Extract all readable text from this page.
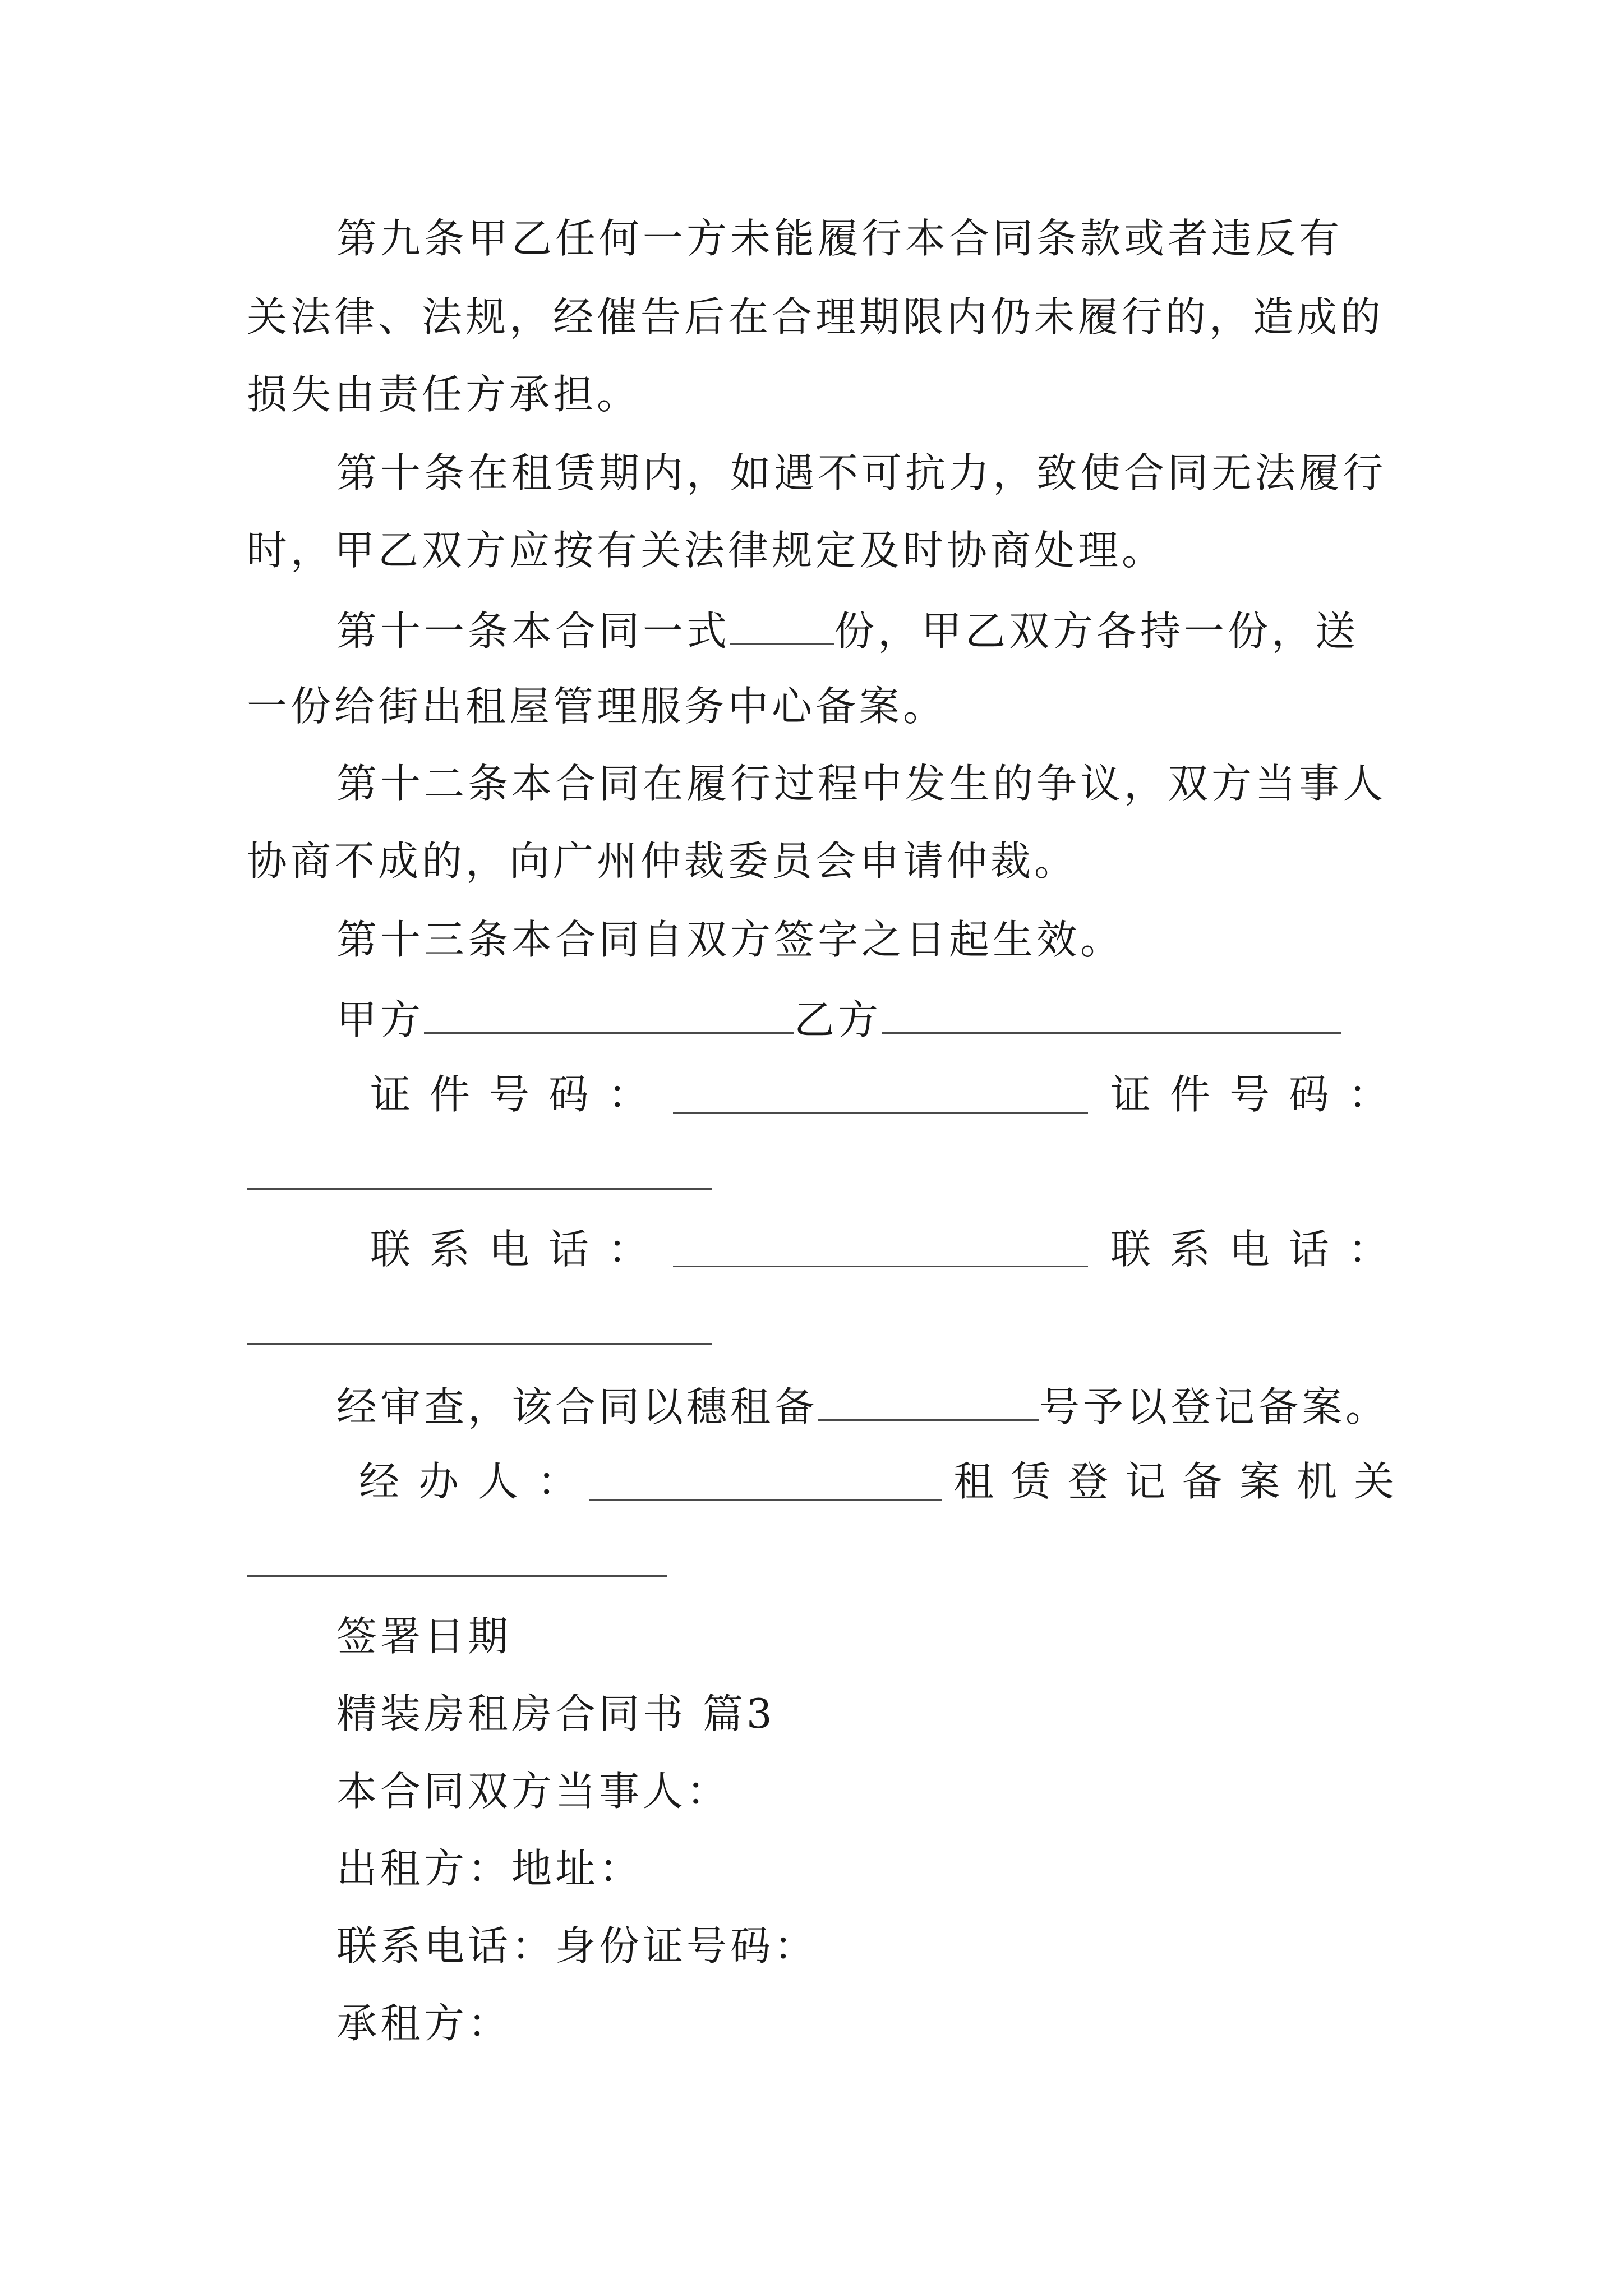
第九条甲乙任何一方未能履行本合同条款或者违反有
关法律、法规，经催告后在合理期限内仍未履行的，造成的
损失由责任方承担。
第十条在租赁期内，如遇不可抗力，致使合同无法履行
时，甲乙双方应按有关法律规定及时协商处理。
第十一条本合同一式	份，甲乙双方各持一份，送
一份给街出租屋管理服务中心备案。
第十二条本合同在履行过程中发生的争议，双方当事人
协商不成的，向广州仲裁委员会申请仲裁。
第十三条本合同自双方签字之日起生效。
甲方	乙方
证件号码：	证件号码：
联系电话：	联系电话：
经审查，该合同以穗租备	号予以登记备案。
经办人：	租赁登记备案机关
签署日期
精装房租房合同书 篇3
本合同双方当事人：
出租方：地址：
联系电话：身份证号码：
承租方：
